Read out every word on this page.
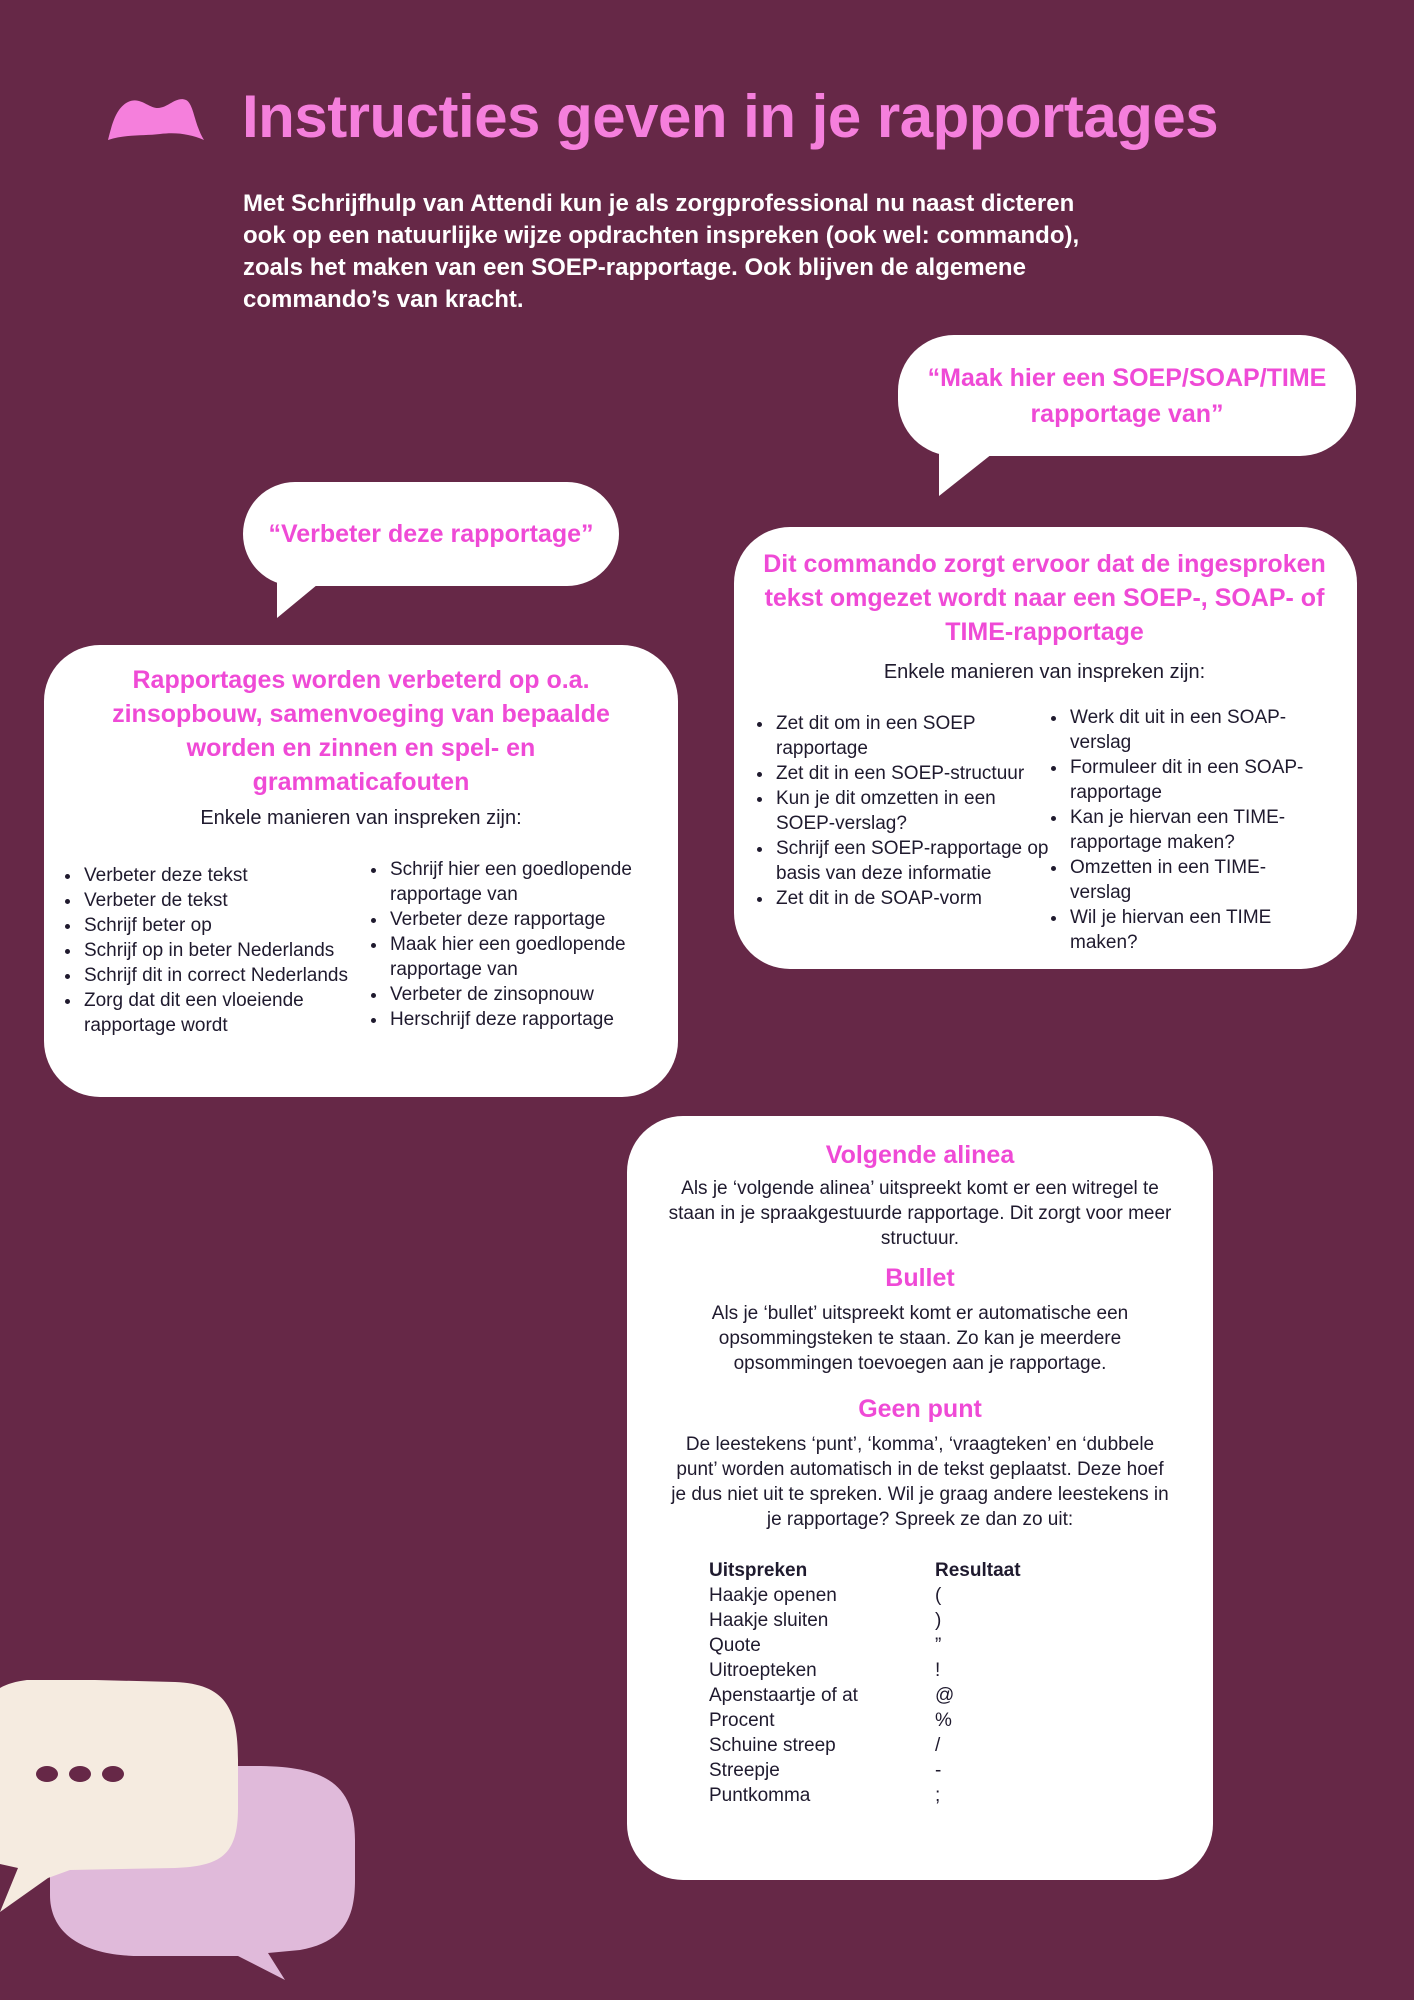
Instructies geven in je rapportages

Met Schrijfhulp van Attendi kun je als zorgprofessional nu naast dicteren ook op een natuurlijke wijze opdrachten inspreken (ook wel: commando), zoals het maken van een SOEP-rapportage. Ook blijven de algemene commando’s van kracht.

“Maak hier een SOEP/SOAP/TIME rapportage van”
“Verbeter deze rapportage”

Dit commando zorgt ervoor dat de ingesproken tekst omgezet wordt naar een SOEP-, SOAP- of TIME-rapportage

Enkele manieren van inspreken zijn:

• Zet dit om in een SOEP rapportage
• Zet dit in een SOEP-structuur
• Kun je dit omzetten in een SOEP-verslag?
• Schrijf een SOEP-rapportage op basis van deze informatie
• Zet dit in de SOAP-vorm
• Werk dit uit in een SOAP-verslag
• Formuleer dit in een SOAP-rapportage
• Kan je hiervan een TIME-rapportage maken?
• Omzetten in een TIME-verslag
• Wil je hiervan een TIME maken?

Rapportages worden verbeterd op o.a. zinsopbouw, samenvoeging van bepaalde worden en zinnen en spel- en grammaticafouten

Enkele manieren van inspreken zijn:

• Verbeter deze tekst
• Verbeter de tekst
• Schrijf beter op
• Schrijf op in beter Nederlands
• Schrijf dit in correct Nederlands
• Zorg dat dit een vloeiende rapportage wordt
• Schrijf hier een goedlopende rapportage van
• Verbeter deze rapportage
• Maak hier een goedlopende rapportage van
• Verbeter de zinsopnouw
• Herschrijf deze rapportage

Volgende alinea

Als je ‘volgende alinea’ uitspreekt komt er een witregel te staan in je spraakgestuurde rapportage. Dit zorgt voor meer structuur.

Bullet

Als je ‘bullet’ uitspreekt komt er automatische een opsommingsteken te staan. Zo kan je meerdere opsommingen toevoegen aan je rapportage.

Geen punt

De leestekens ‘punt’, ‘komma’, ‘vraagteken’ en ‘dubbele punt’ worden automatisch in de tekst geplaatst. Deze hoef je dus niet uit te spreken. Wil je graag andere leestekens in je rapportage? Spreek ze dan zo uit:

Uitspreken	Resultaat
Haakje openen	(
Haakje sluiten	)
Quote	”
Uitroepteken	!
Apenstaartje of at	@
Procent	%
Schuine streep	/
Streepje	-
Puntkomma	;
